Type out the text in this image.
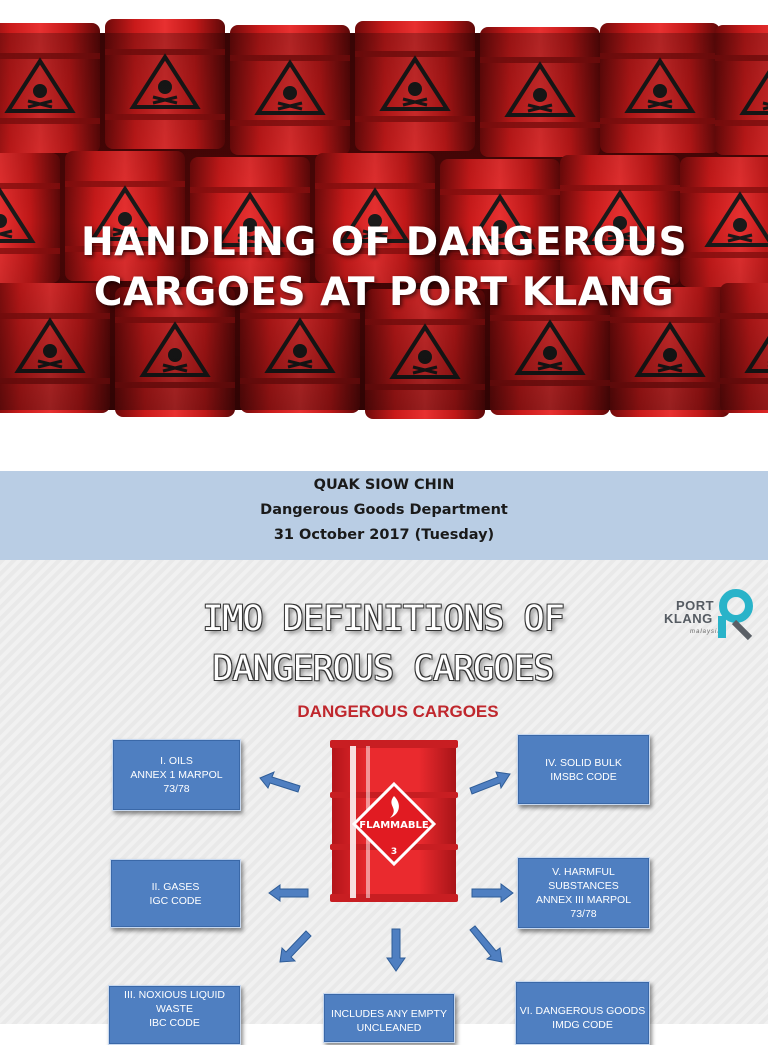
HANDLING OF DANGEROUS
CARGOES AT PORT KLANG
QUAK SIOW CHIN
Dangerous Goods Department
31 October 2017 (Tuesday)
IMO DEFINITIONS OF
DANGEROUS CARGOES
PORT
KLANG
malaysia
DANGEROUS CARGOES
I. OILS
ANNEX 1 MARPOL
73/78
II. GASES
IGC CODE
III. NOXIOUS LIQUID
WASTE
IBC CODE
IV. SOLID BULK
IMSBC CODE
V. HARMFUL
SUBSTANCES
ANNEX III MARPOL
73/78
VI. DANGEROUS GOODS
IMDG CODE
INCLUDES ANY EMPTY
UNCLEANED
FLAMMABLE
3
